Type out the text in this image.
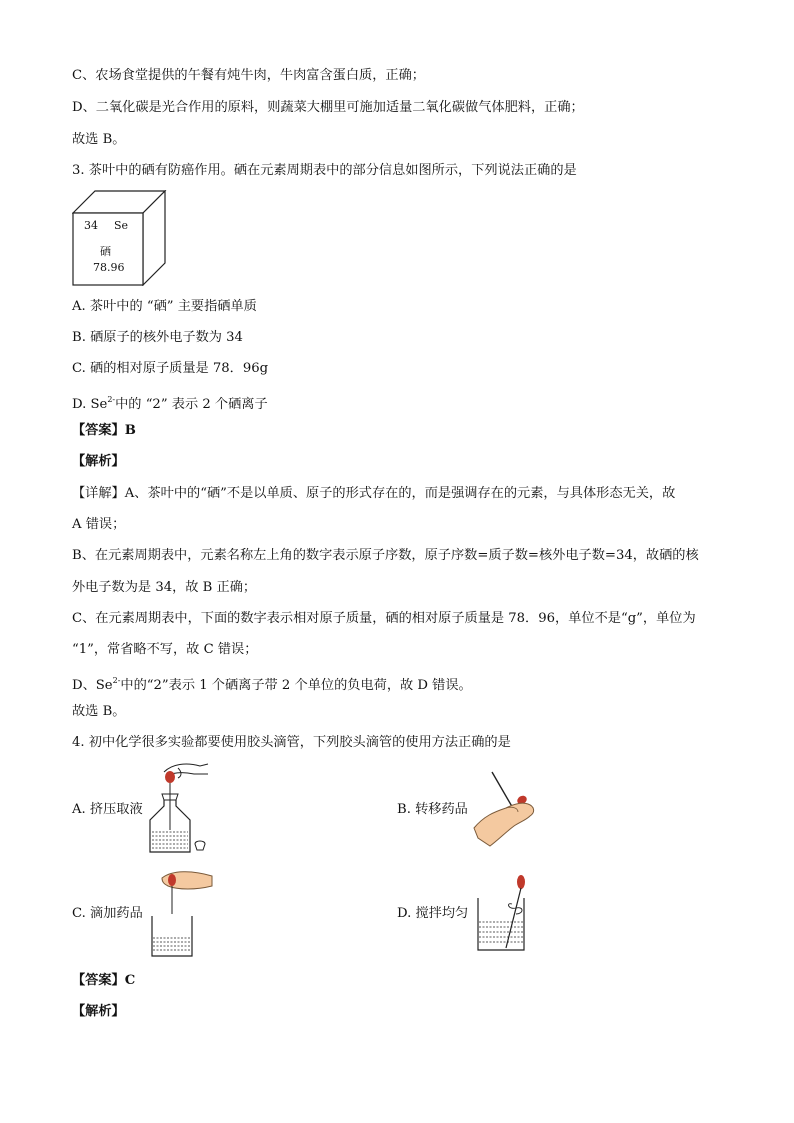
C、农场食堂提供的午餐有炖牛肉，牛肉富含蛋白质，正确；
D、二氧化碳是光合作用的原料，则蔬菜大棚里可施加适量二氧化碳做气体肥料，正确；
故选 B。
3. 茶叶中的硒有防癌作用。硒在元素周期表中的部分信息如图所示，下列说法正确的是
34 Se
硒
78.96
A. 茶叶中的 “硒” 主要指硒单质
B. 硒原子的核外电子数为 34
C. 硒的相对原子质量是 78．96g
D. $Se^{2-}$中的 “2” 表示 2 个硒离子
【答案】B
【解析】
【详解】A、茶叶中的“硒”不是以单质、原子的形式存在的，而是强调存在的元素，与具体形态无关，故
A 错误；
B、在元素周期表中，元素名称左上角的数字表示原子序数，原子序数=质子数=核外电子数=34，故硒的核
外电子数为是 34，故 B 正确；
C、在元素周期表中，下面的数字表示相对原子质量，硒的相对原子质量是 78．96，单位不是“g”，单位为
“1”，常省略不写，故 C 错误；
D、$Se^{2-}$中的“2”表示 1 个硒离子带 2 个单位的负电荷，故 D 错误。
故选 B。
4. 初中化学很多实验都要使用胶头滴管，下列胶头滴管的使用方法正确的是
A. 挤压取液	B. 转移药品
C. 滴加药品	D. 搅拌均匀
【答案】C
【解析】
